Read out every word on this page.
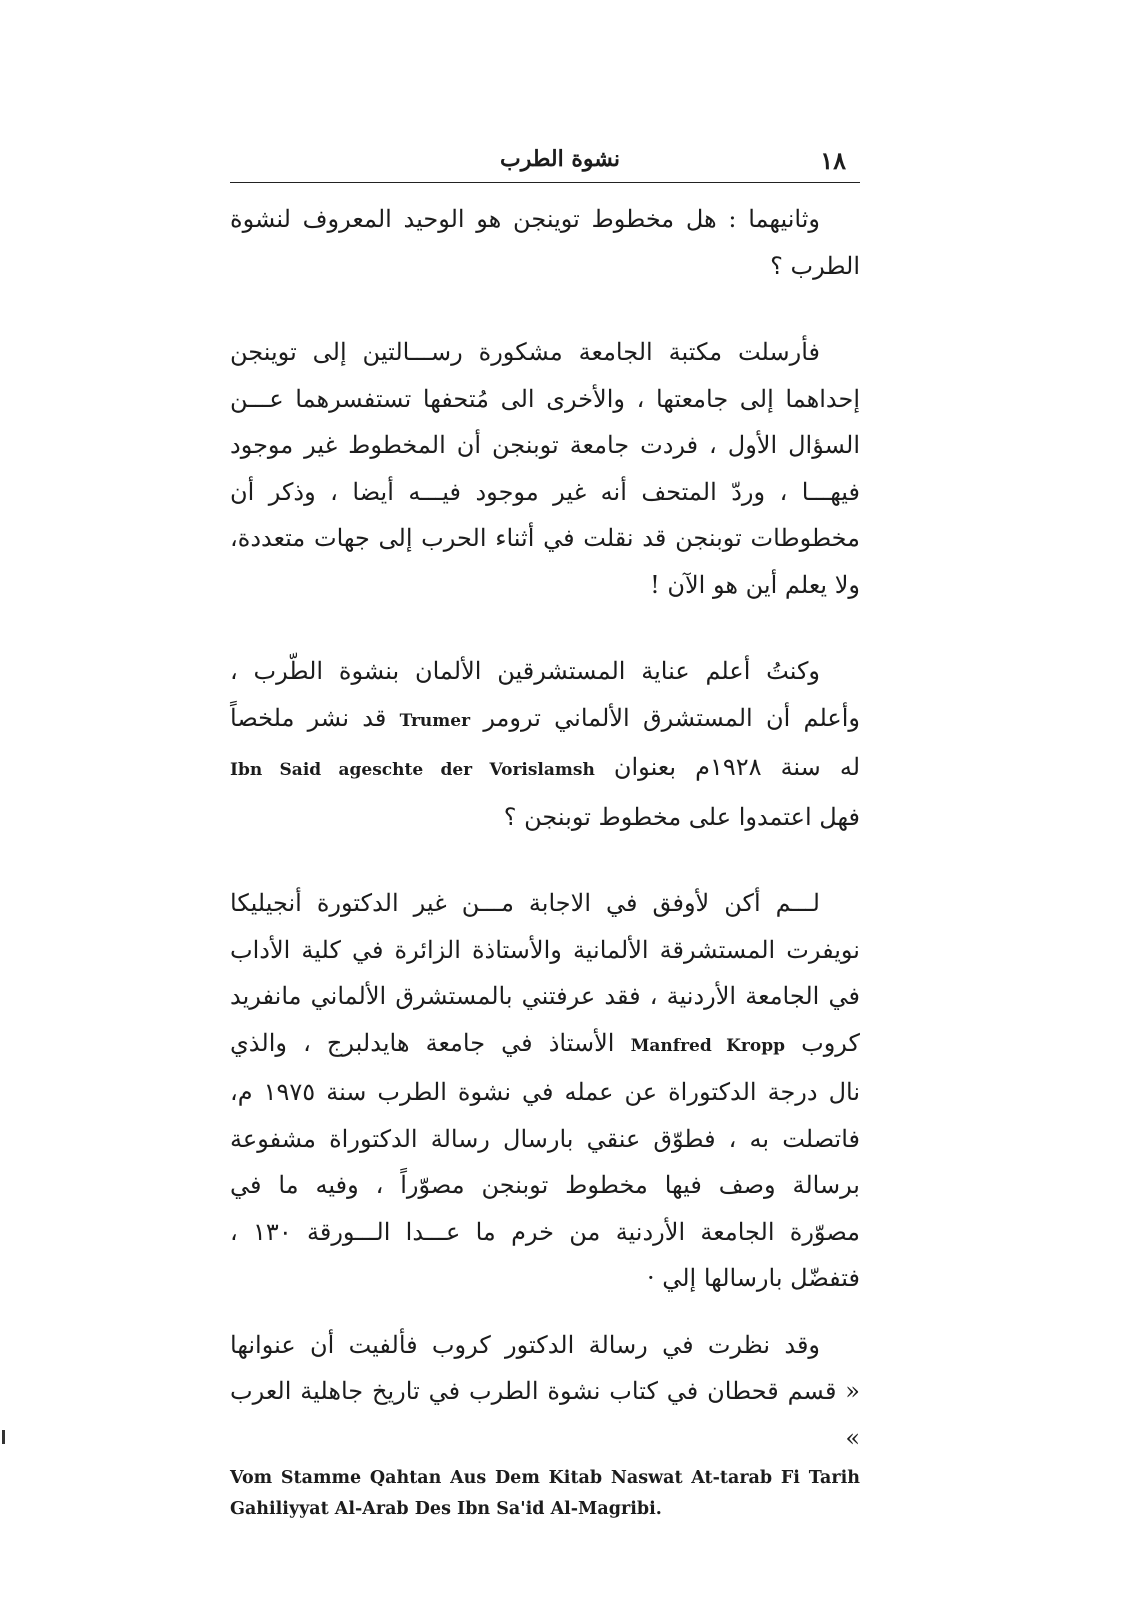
١٨
نشوة الطرب

وثانيهما : هل مخطوط توينجن هو الوحيد المعروف لنشوة
الطرب ؟

فأرسلت مكتبة الجامعة مشكورة رســـالتين إلى توينجن
إحداهما إلى جامعتها ، والأخرى الى مُتحفها تستفسرهما عـــن
السؤال الأول ، فردت جامعة توبنجن أن المخطوط غير موجود
فيهـــا ، وردّ المتحف أنه غير موجود فيـــه أيضا ، وذكر أن
مخطوطات توبنجن قد نقلت في أثناء الحرب إلى جهات متعددة،
ولا يعلم أين هو الآن !

وكنتُ أعلم عناية المستشرقين الألمان بنشوة الطّرب ،
وأعلم أن المستشرق الألماني ترومر Trumer قد نشر ملخصاً
له سنة ١٩٢٨م بعنوان Ibn Said ageschte der Vorislamsh
فهل اعتمدوا على مخطوط توبنجن ؟

لـــم أكن لأوفق في الاجابة مـــن غير الدكتورة أنجيليكا
نويفرت المستشرقة الألمانية والأستاذة الزائرة في كلية الأداب
في الجامعة الأردنية ، فقد عرفتني بالمستشرق الألماني مانفريد
كروب Manfred Kropp الأستاذ في جامعة هايدلبرج ، والذي
نال درجة الدكتوراة عن عمله في نشوة الطرب سنة ١٩٧٥ م،
فاتصلت به ، فطوّق عنقي بارسال رسالة الدكتوراة مشفوعة
برسالة وصف فيها مخطوط توبنجن مصوّراً ، وفيه ما في
مصوّرة الجامعة الأردنية من خرم ما عـــدا الـــورقة ١٣٠ ،
فتفضّل بارسالها إلي ·

وقد نظرت في رسالة الدكتور كروب فألفيت أن عنوانها
« قسم قحطان في كتاب نشوة الطرب في تاريخ جاهلية العرب »

Vom Stamme Qahtan Aus Dem Kitab Naswat At-tarab Fi Tarih Gahiliyyat Al-Arab Des Ibn Sa'id Al-Magribi.
